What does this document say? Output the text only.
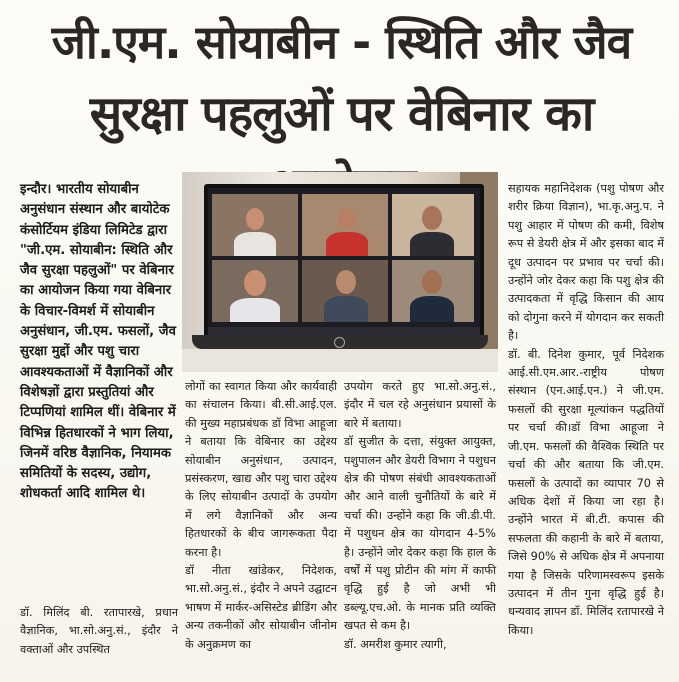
जी.एम. सोयाबीन - स्थिति और जैव
सुरक्षा पहलुओं पर वेबिनार का
इन्दौर। भारतीय सोयाबीन अनुसंधान संस्थान और बायोटेक कंसोर्टियम इंडिया लिमिटेड द्वारा "जी.एम. सोयाबीन: स्थिति और जैव सुरक्षा पहलुओं" पर वेबिनार का आयोजन किया गया वेबिनार के विचार-विमर्श में सोयाबीन अनुसंधान, जी.एम. फसलों, जैव सुरक्षा मुद्दों और पशु चारा आवश्यकताओं में वैज्ञानिकों और विशेषज्ञों द्वारा प्रस्तुतियां और टिप्पणियां शामिल थीं। वेबिनार में विभिन्न हितधारकों ने भाग लिया, जिनमें वरिष्ठ वैज्ञानिक, नियामक समितियों के सदस्य, उद्योग, शोधकर्ता आदि शामिल थे।
डॉ. मिलिंद बी. रतापारखे, प्रधान वैज्ञानिक, भा.सो.अनु.सं., इंदौर ने वक्ताओं और उपस्थित
लोगों का स्वागत किया और कार्यवाही का संचालन किया। बी.सी.आई.एल. की मुख्य महाप्रबंधक डॉ विभा आहूजा ने बताया कि वेबिनार का उद्देश्य सोयाबीन अनुसंधान, उत्पादन, प्रसंस्करण, खाद्य और पशु चारा उद्देश्य के लिए सोयाबीन उत्पादों के उपयोग में लगे वैज्ञानिकों और अन्य हितधारकों के बीच जागरूकता पैदा करना है।
डॉ नीता खांडेकर, निदेशक, भा.सो.अनु.सं., इंदौर ने अपने उद्घाटन भाषण में मार्कर-असिस्टेड ब्रीडिंग और अन्य तकनीकों और सोयाबीन जीनोम के अनुक्रमण का
उपयोग करते हुए भा.सो.अनु.सं., इंदौर में चल रहे अनुसंधान प्रयासों के बारे में बताया।
डॉ सुजीत के दत्ता, संयुक्त आयुक्त, पशुपालन और डेयरी विभाग ने पशुधन क्षेत्र की पोषण संबंधी आवश्यकताओं और आने वाली चुनौतियों के बारे में चर्चा की। उन्होंने कहा कि जी.डी.पी. में पशुधन क्षेत्र का योगदान 4-5% है। उन्होंने जोर देकर कहा कि हाल के वर्षों में पशु प्रोटीन की मांग में काफी वृद्धि हुई है जो अभी भी डब्ल्यू.एच.ओ. के मानक प्रति व्यक्ति खपत से कम है।
डॉ. अमरीश कुमार त्यागी,
सहायक महानिदेशक (पशु पोषण और शरीर क्रिया विज्ञान), भा.कृ.अनु.प. ने पशु आहार में पोषण की कमी, विशेष रूप से डेयरी क्षेत्र में और इसका बाद में दूध उत्पादन पर प्रभाव पर चर्चा की। उन्होंने जोर देकर कहा कि पशु क्षेत्र की उत्पादकता में वृद्धि किसान की आय को दोगुना करने में योगदान कर सकती है।
डॉ. बी. दिनेश कुमार, पूर्व निदेशक आई.सी.एम.आर.-राष्ट्रीय पोषण संस्थान (एन.आई.एन.) ने जी.एम. फसलों की सुरक्षा मूल्यांकन पद्धतियों पर चर्चा की।डॉ विभा आहूजा ने जी.एम. फसलों की वैश्विक स्थिति पर चर्चा की और बताया कि जी.एम. फसलों के उत्पादों का व्यापार 70 से अधिक देशों में किया जा रहा है। उन्होंने भारत में बी.टी. कपास की सफलता की कहानी के बारे में बताया, जिसे 90% से अधिक क्षेत्र में अपनाया गया है जिसके परिणामस्वरूप इसके उत्पादन में तीन गुना वृद्धि हुई है। धन्यवाद ज्ञापन डॉ. मिलिंद रतापारखे ने किया।
